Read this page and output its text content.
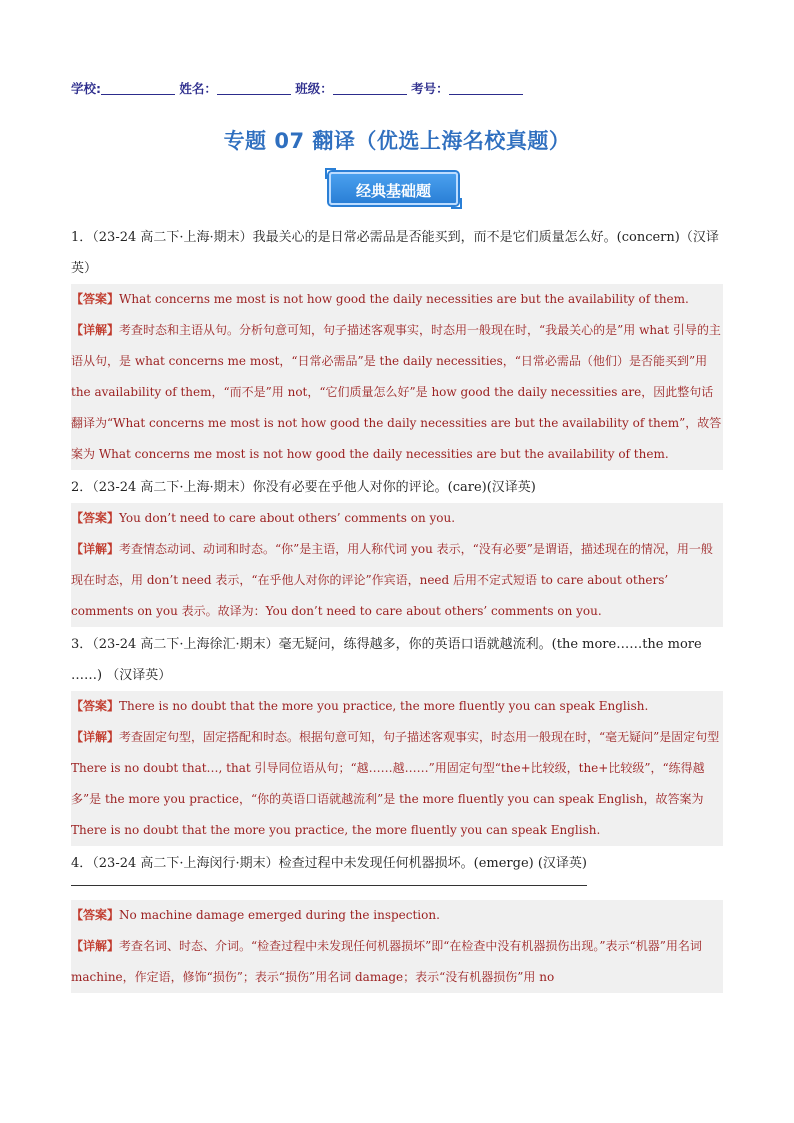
学校:	姓名：	班级：	考号：
专题 07 翻译（优选上海名校真题）
经典基础题
1．（23-24 高二下·上海·期末）我最关心的是日常必需品是否能买到，而不是它们质量怎么好。(concern)（汉译英）

【答案】What concerns me most is not how good the daily necessities are but the availability of them.

【详解】考查时态和主语从句。分析句意可知，句子描述客观事实，时态用一般现在时，“我最关心的是”用 what 引导的主语从句，是 what concerns me most，“日常必需品”是 the daily necessities，“日常必需品（他们）是否能买到”用 the availability of them，“而不是”用 not，“它们质量怎么好”是 how good the daily necessities are，因此整句话翻译为“What concerns me most is not how good the daily necessities are but the availability of them”，故答案为 What concerns me most is not how good the daily necessities are but the availability of them.

2．（23-24 高二下·上海·期末）你没有必要在乎他人对你的评论。(care)(汉译英)

【答案】You don’t need to care about others’ comments on you.

【详解】考查情态动词、动词和时态。“你”是主语，用人称代词 you 表示，“没有必要”是谓语，描述现在的情况，用一般现在时态，用 don’t need 表示，“在乎他人对你的评论”作宾语，need 后用不定式短语 to care about others’ comments on you 表示。故译为：You don’t need to care about others’ comments on you.

3．（23-24 高二下·上海徐汇·期末）毫无疑问，练得越多，你的英语口语就越流利。(the more……the more ……) （汉译英）

【答案】There is no doubt that the more you practice, the more fluently you can speak English.

【详解】考查固定句型，固定搭配和时态。根据句意可知，句子描述客观事实，时态用一般现在时，“毫无疑问”是固定句型 There is no doubt that…, that 引导同位语从句；“越……越……”用固定句型“the+比较级，the+比较级”，“练得越多”是 the more you practice，“你的英语口语就越流利”是 the more fluently you can speak English，故答案为 There is no doubt that the more you practice, the more fluently you can speak English.

4．（23-24 高二下·上海闵行·期末）检查过程中未发现任何机器损坏。(emerge) (汉译英)

【答案】No machine damage emerged during the inspection.

【详解】考查名词、时态、介词。“检查过程中未发现任何机器损坏”即“在检查中没有机器损伤出现。”表示“机器”用名词 machine，作定语，修饰“损伤”；表示“损伤”用名词 damage；表示“没有机器损伤”用 no
